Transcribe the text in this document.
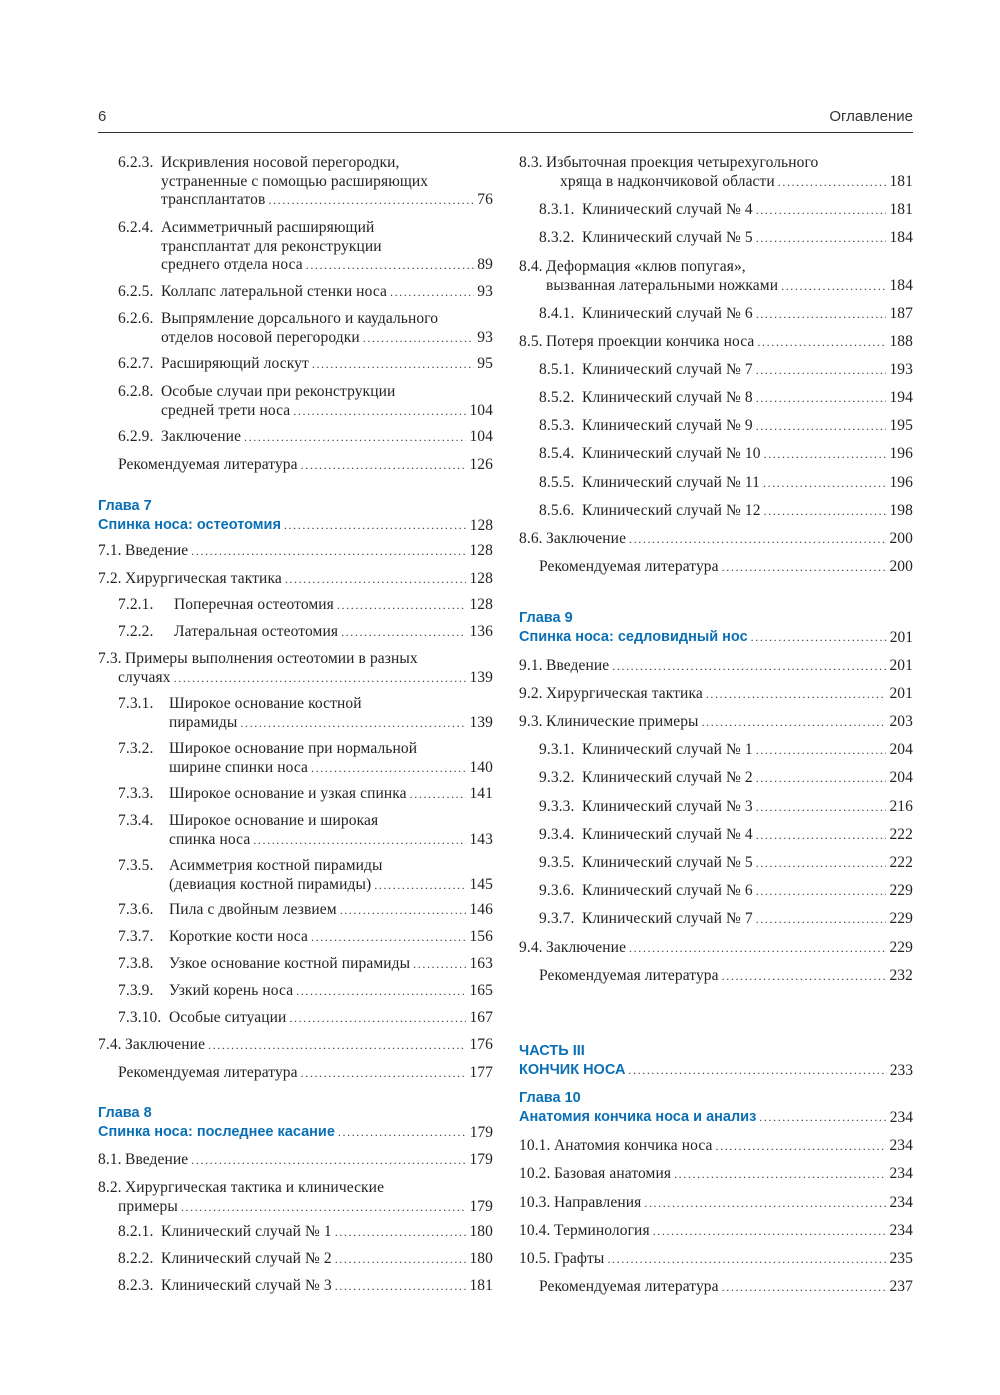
6	Оглавление
6.2.3. Искривления носовой перегородки,
устраненные с помощью расширяющих
трансплантатов .....	76
6.2.4. Асимметричный расширяющий
трансплантат для реконструкции
среднего отдела носа .....	89
6.2.5. Коллапс латеральной стенки носа .....	93
6.2.6. Выпрямление дорсального и каудального
отделов носовой перегородки .....	93
6.2.7. Расширяющий лоскут .....	95
6.2.8. Особые случаи при реконструкции
средней трети носа .....	104
6.2.9. Заключение .....	104
Рекомендуемая литература .....	126
Глава 7
Спинка носа: остеотомия .....	128
7.1. Введение .....	128
7.2. Хирургическая тактика .....	128
7.2.1.	Поперечная остеотомия .....	128
7.2.2.	Латеральная остеотомия .....	136
7.3. Примеры выполнения остеотомии в разных
случаях .....	139
7.3.1.	Широкое основание костной
пирамиды .....	139
7.3.2.	Широкое основание при нормальной
ширине спинки носа .....	140
7.3.3.	Широкое основание и узкая спинка .....	141
7.3.4.	Широкое основание и широкая
спинка носа .....	143
7.3.5.	Асимметрия костной пирамиды
(девиация костной пирамиды) .....	145
7.3.6.	Пила с двойным лезвием .....	146
7.3.7.	Короткие кости носа .....	156
7.3.8.	Узкое основание костной пирамиды .....	163
7.3.9.	Узкий корень носа .....	165
7.3.10. Особые ситуации .....	167
7.4. Заключение .....	176
Рекомендуемая литература .....	177
Глава 8
Спинка носа: последнее касание .....	179
8.1. Введение .....	179
8.2. Хирургическая тактика и клинические
примеры .....	179
8.2.1. Клинический случай № 1 .....	180
8.2.2. Клинический случай № 2 .....	180
8.2.3. Клинический случай № 3 .....	181
8.3. Избыточная проекция четырехугольного
хряща в надкончиковой области .....	181
8.3.1. Клинический случай № 4 .....	181
8.3.2. Клинический случай № 5 .....	184
8.4. Деформация «клюв попугая»,
вызванная латеральными ножками .....	184
8.4.1. Клинический случай № 6 .....	187
8.5. Потеря проекции кончика носа .....	188
8.5.1. Клинический случай № 7 .....	193
8.5.2. Клинический случай № 8 .....	194
8.5.3. Клинический случай № 9 .....	195
8.5.4. Клинический случай № 10 .....	196
8.5.5. Клинический случай № 11 .....	196
8.5.6. Клинический случай № 12 .....	198
8.6. Заключение .....	200
Рекомендуемая литература .....	200
Глава 9
Спинка носа: седловидный нос .....	201
9.1. Введение .....	201
9.2. Хирургическая тактика .....	201
9.3. Клинические примеры .....	203
9.3.1. Клинический случай № 1 .....	204
9.3.2. Клинический случай № 2 .....	204
9.3.3. Клинический случай № 3 .....	216
9.3.4. Клинический случай № 4 .....	222
9.3.5. Клинический случай № 5 .....	222
9.3.6. Клинический случай № 6 .....	229
9.3.7. Клинический случай № 7 .....	229
9.4. Заключение .....	229
Рекомендуемая литература .....	232
ЧАСТЬ III
КОНЧИК НОСА .....	233
Глава 10
Анатомия кончика носа и анализ .....	234
10.1. Анатомия кончика носа .....	234
10.2. Базовая анатомия .....	234
10.3. Направления .....	234
10.4. Терминология .....	234
10.5. Графты .....	235
Рекомендуемая литература .....	237
